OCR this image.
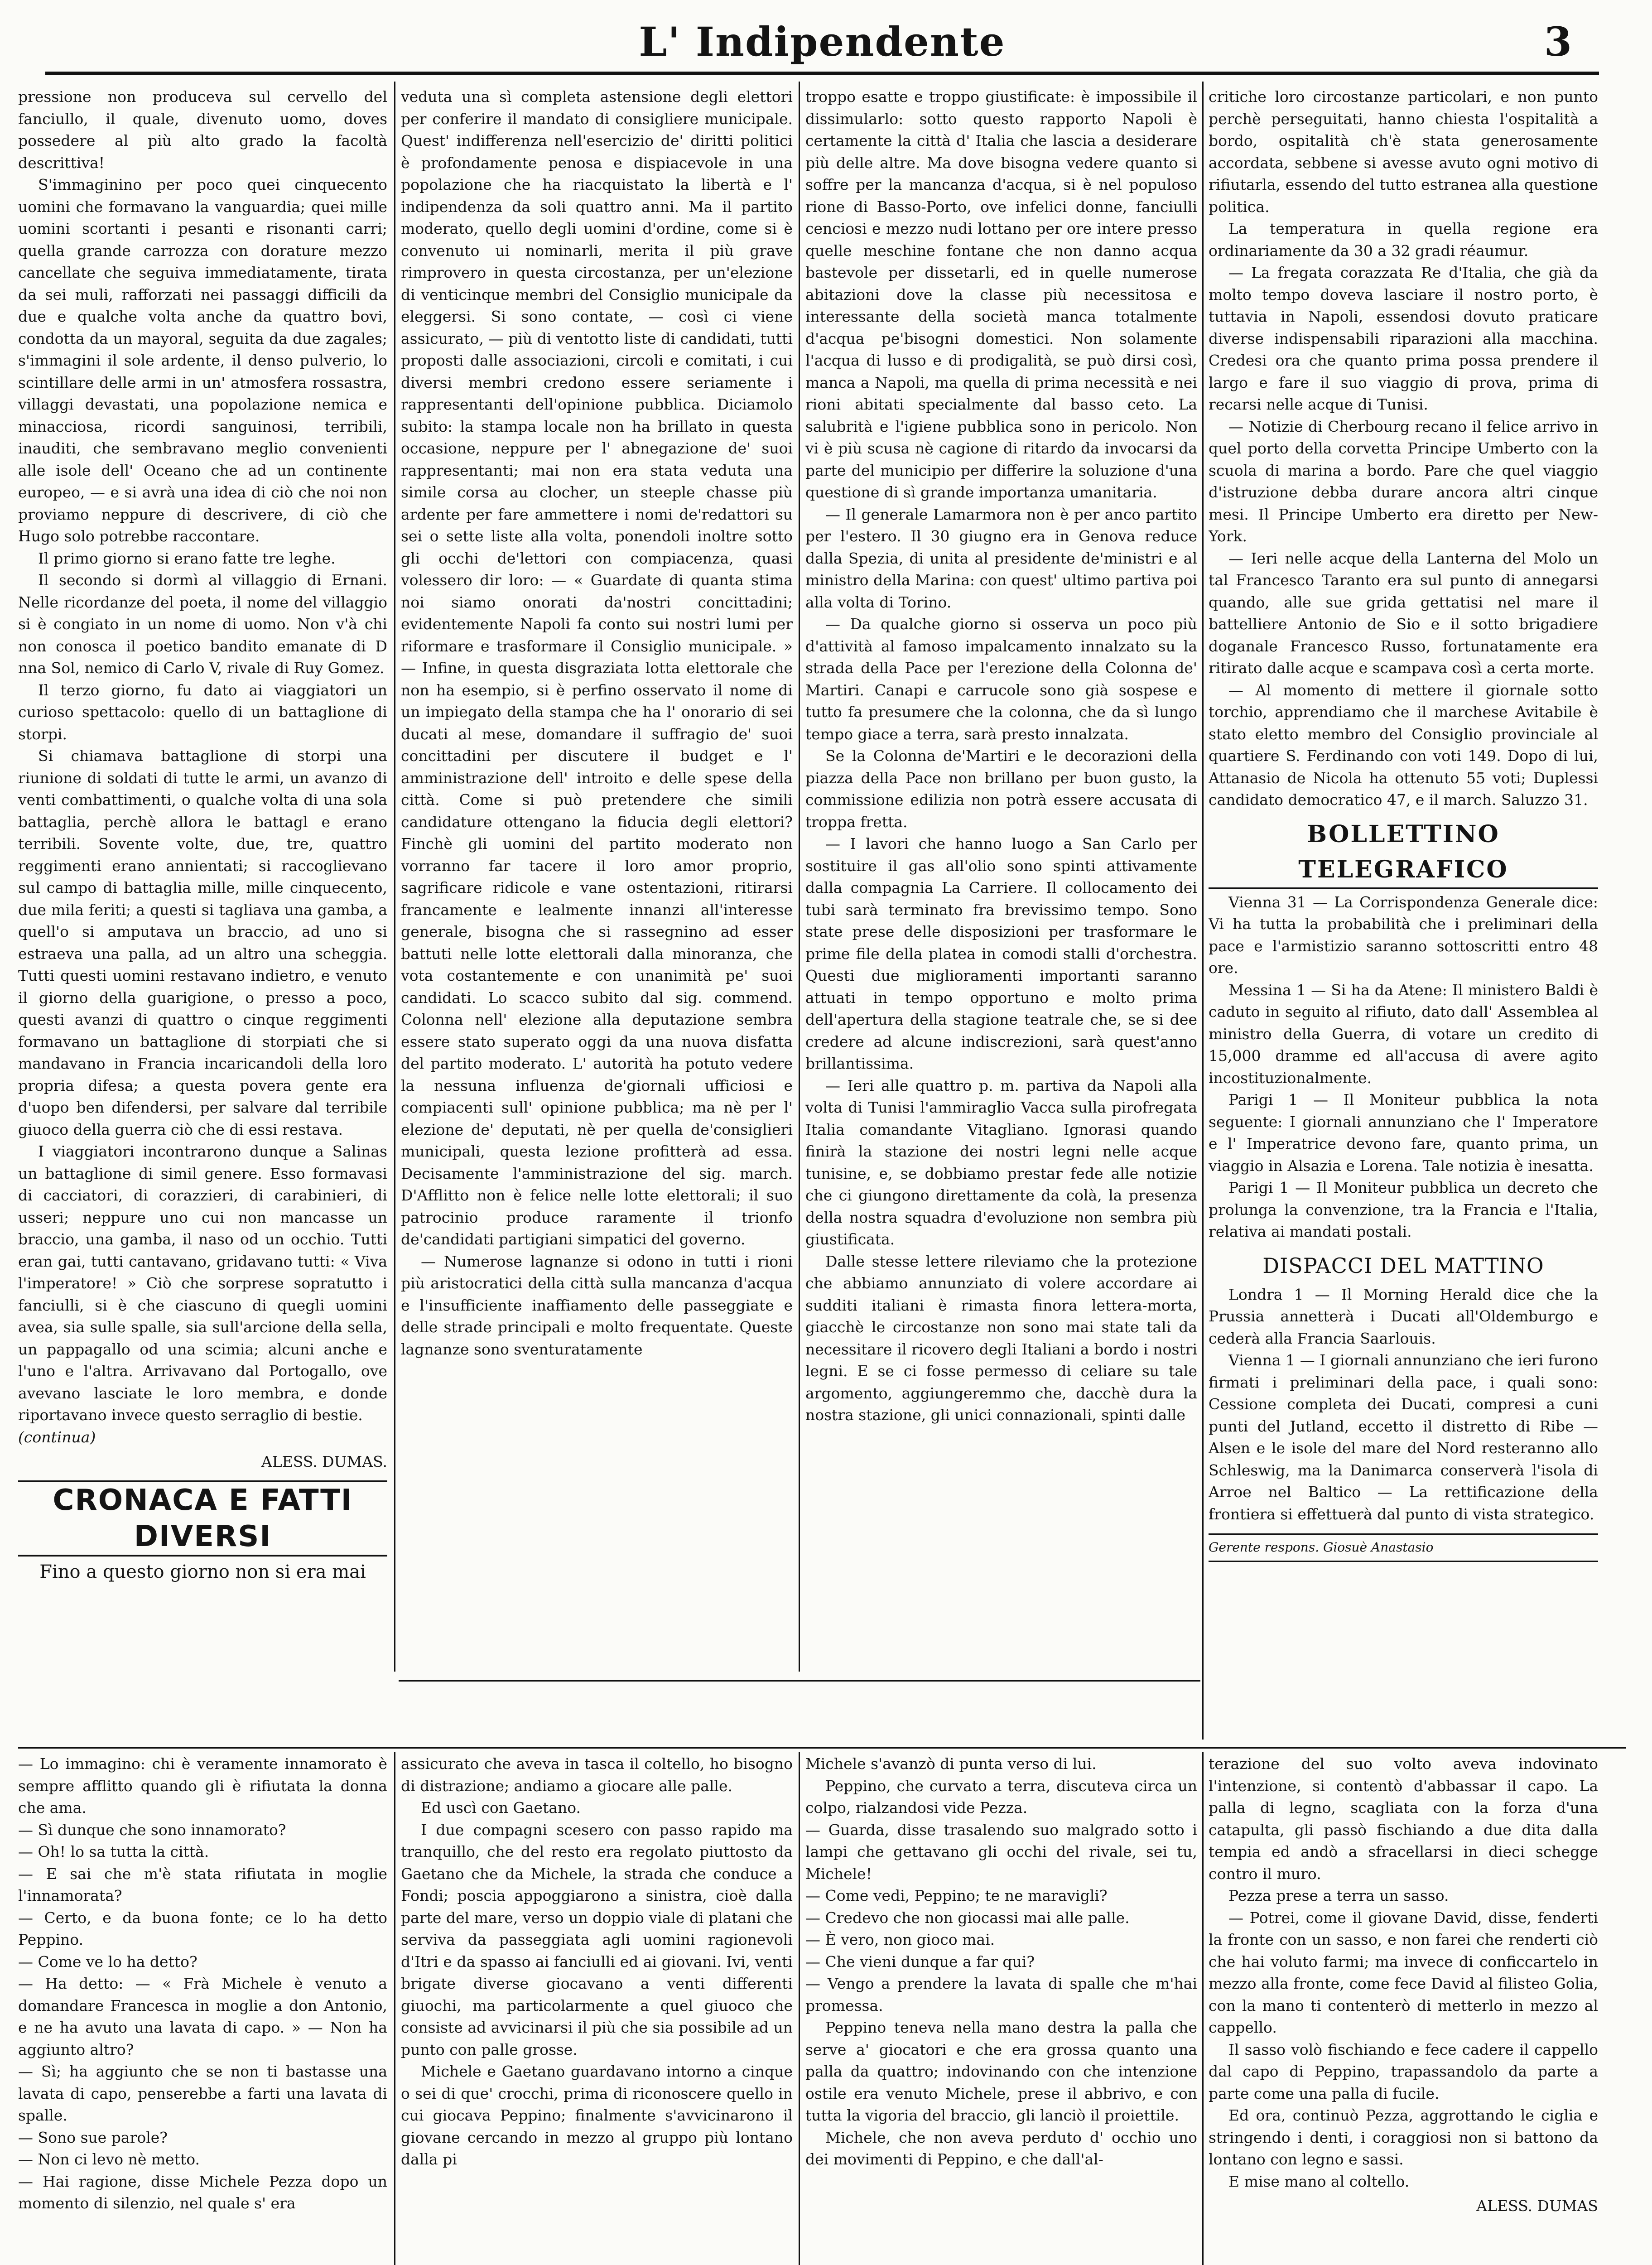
L' Indipendente	3

pressione non produceva sul cervello del fanciullo, il quale, divenuto uomo, doves possedere al più alto grado la facoltà descrittiva!

S'immaginino per poco quei cinquecento uomini che formavano la vanguardia; quei mille uomini scortanti i pesanti e risonanti carri; quella grande carrozza con dorature mezzo cancellate che seguiva immediatamente, tirata da sei muli, rafforzati nei passaggi difficili da due e qualche volta anche da quattro bovi, condotta da un mayoral, seguita da due zagales; s'immagini il sole ardente, il denso pulverio, lo scintillare delle armi in un' atmosfera rossastra, villaggi devastati, una popolazione nemica e minacciosa, ricordi sanguinosi, terribili, inauditi, che sembravano meglio convenienti alle isole dell' Oceano che ad un continente europeo, — e si avrà una idea di ciò che noi non proviamo neppure di descrivere, di ciò che Hugo solo potrebbe raccontare.

Il primo giorno si erano fatte tre leghe.

Il secondo si dormì al villaggio di Ernani. Nelle ricordanze del poeta, il nome del villaggio si è congiato in un nome di uomo. Non v'à chi non conosca il poetico bandito emanate di D nna Sol, nemico di Carlo V, rivale di Ruy Gomez.

Il terzo giorno, fu dato ai viaggiatori un curioso spettacolo: quello di un battaglione di storpi.

Si chiamava battaglione di storpi una riunione di soldati di tutte le armi, un avanzo di venti combattimenti, o qualche volta di una sola battaglia, perchè allora le battagl e erano terribili. Sovente volte, due, tre, quattro reggimenti erano annientati; si raccoglievano sul campo di battaglia mille, mille cinquecento, due mila feriti; a questi si tagliava una gamba, a quell'o si amputava un braccio, ad uno si estraeva una palla, ad un altro una scheggia. Tutti questi uomini restavano indietro, e venuto il giorno della guarigione, o presso a poco, questi avanzi di quattro o cinque reggimenti formavano un battaglione di storpiati che si mandavano in Francia incaricandoli della loro propria difesa; a questa povera gente era d'uopo ben difendersi, per salvare dal terribile giuoco della guerra ciò che di essi restava.

I viaggiatori incontrarono dunque a Salinas un battaglione di simil genere. Esso formavasi di cacciatori, di corazzieri, di carabinieri, di usseri; neppure uno cui non mancasse un braccio, una gamba, il naso od un occhio. Tutti eran gai, tutti cantavano, gridavano tutti: « Viva l'imperatore! » Ciò che sorprese sopratutto i fanciulli, si è che ciascuno di quegli uomini avea, sia sulle spalle, sia sull'arcione della sella, un pappagallo od una scimia; alcuni anche e l'uno e l'altra. Arrivavano dal Portogallo, ove avevano lasciate le loro membra, e donde riportavano invece questo serraglio di bestie.

(continua)

ALESS. DUMAS.

CRONACA E FATTI DIVERSI

Fino a questo giorno non si era mai

veduta una sì completa astensione degli elettori per conferire il mandato di consigliere municipale. Quest' indifferenza nell'esercizio de' diritti politici è profondamente penosa e dispiacevole in una popolazione che ha riacquistato la libertà e l' indipendenza da soli quattro anni. Ma il partito moderato, quello degli uomini d'ordine, come si è convenuto ui nominarli, merita il più grave rimprovero in questa circostanza, per un'elezione di venticinque membri del Consiglio municipale da eleggersi. Si sono contate, — così ci viene assicurato, — più di ventotto liste di candidati, tutti proposti dalle associazioni, circoli e comitati, i cui diversi membri credono essere seriamente i rappresentanti dell'opinione pubblica. Diciamolo subito: la stampa locale non ha brillato in questa occasione, neppure per l' abnegazione de' suoi rappresentanti; mai non era stata veduta una simile corsa au clocher, un steeple chasse più ardente per fare ammettere i nomi de'redattori su sei o sette liste alla volta, ponendoli inoltre sotto gli occhi de'lettori con compiacenza, quasi volessero dir loro: — « Guardate di quanta stima noi siamo onorati da'nostri concittadini; evidentemente Napoli fa conto sui nostri lumi per riformare e trasformare il Consiglio municipale. » — Infine, in questa disgraziata lotta elettorale che non ha esempio, si è perfino osservato il nome di un impiegato della stampa che ha l' onorario di sei ducati al mese, domandare il suffragio de' suoi concittadini per discutere il budget e l' amministrazione dell' introito e delle spese della città. Come si può pretendere che simili candidature ottengano la fiducia degli elettori? Finchè gli uomini del partito moderato non vorranno far tacere il loro amor proprio, sagrificare ridicole e vane ostentazioni, ritirarsi francamente e lealmente innanzi all'interesse generale, bisogna che si rassegnino ad esser battuti nelle lotte elettorali dalla minoranza, che vota costantemente e con unanimità pe' suoi candidati. Lo scacco subito dal sig. commend. Colonna nell' elezione alla deputazione sembra essere stato superato oggi da una nuova disfatta del partito moderato. L' autorità ha potuto vedere la nessuna influenza de'giornali ufficiosi e compiacenti sull' opinione pubblica; ma nè per l' elezione de' deputati, nè per quella de'consiglieri municipali, questa lezione profitterà ad essa. Decisamente l'amministrazione del sig. march. D'Afflitto non è felice nelle lotte elettorali; il suo patrocinio produce raramente il trionfo de'candidati partigiani simpatici del governo.

— Numerose lagnanze si odono in tutti i rioni più aristocratici della città sulla mancanza d'acqua e l'insufficiente inaffiamento delle passeggiate e delle strade principali e molto frequentate. Queste lagnanze sono sventuratamente

troppo esatte e troppo giustificate: è impossibile il dissimularlo: sotto questo rapporto Napoli è certamente la città d' Italia che lascia a desiderare più delle altre. Ma dove bisogna vedere quanto si soffre per la mancanza d'acqua, si è nel populoso rione di Basso-Porto, ove infelici donne, fanciulli cenciosi e mezzo nudi lottano per ore intere presso quelle meschine fontane che non danno acqua bastevole per dissetarli, ed in quelle numerose abitazioni dove la classe più necessitosa e interessante della società manca totalmente d'acqua pe'bisogni domestici. Non solamente l'acqua di lusso e di prodigalità, se può dirsi così, manca a Napoli, ma quella di prima necessità e nei rioni abitati specialmente dal basso ceto. La salubrità e l'igiene pubblica sono in pericolo. Non vi è più scusa nè cagione di ritardo da invocarsi da parte del municipio per differire la soluzione d'una questione di sì grande importanza umanitaria.

— Il generale Lamarmora non è per anco partito per l'estero. Il 30 giugno era in Genova reduce dalla Spezia, di unita al presidente de'ministri e al ministro della Marina: con quest' ultimo partiva poi alla volta di Torino.

— Da qualche giorno si osserva un poco più d'attività al famoso impalcamento innalzato su la strada della Pace per l'erezione della Colonna de' Martiri. Canapi e carrucole sono già sospese e tutto fa presumere che la colonna, che da sì lungo tempo giace a terra, sarà presto innalzata.

Se la Colonna de'Martiri e le decorazioni della piazza della Pace non brillano per buon gusto, la commissione edilizia non potrà essere accusata di troppa fretta.

— I lavori che hanno luogo a San Carlo per sostituire il gas all'olio sono spinti attivamente dalla compagnia La Carriere. Il collocamento dei tubi sarà terminato fra brevissimo tempo. Sono state prese delle disposizioni per trasformare le prime file della platea in comodi stalli d'orchestra. Questi due miglioramenti importanti saranno attuati in tempo opportuno e molto prima dell'apertura della stagione teatrale che, se si dee credere ad alcune indiscrezioni, sarà quest'anno brillantissima.

— Ieri alle quattro p. m. partiva da Napoli alla volta di Tunisi l'ammiraglio Vacca sulla pirofregata Italia comandante Vitagliano. Ignorasi quando finirà la stazione dei nostri legni nelle acque tunisine, e, se dobbiamo prestar fede alle notizie che ci giungono direttamente da colà, la presenza della nostra squadra d'evoluzione non sembra più giustificata.

Dalle stesse lettere rileviamo che la protezione che abbiamo annunziato di volere accordare ai sudditi italiani è rimasta finora lettera-morta, giacchè le circostanze non sono mai state tali da necessitare il ricovero degli Italiani a bordo i nostri legni. E se ci fosse permesso di celiare su tale argomento, aggiungeremmo che, dacchè dura la nostra stazione, gli unici connazionali, spinti dalle

critiche loro circostanze particolari, e non punto perchè perseguitati, hanno chiesta l'ospitalità a bordo, ospitalità ch'è stata generosamente accordata, sebbene si avesse avuto ogni motivo di rifiutarla, essendo del tutto estranea alla questione politica.

La temperatura in quella regione era ordinariamente da 30 a 32 gradi réaumur.

— La fregata corazzata Re d'Italia, che già da molto tempo doveva lasciare il nostro porto, è tuttavia in Napoli, essendosi dovuto praticare diverse indispensabili riparazioni alla macchina. Credesi ora che quanto prima possa prendere il largo e fare il suo viaggio di prova, prima di recarsi nelle acque di Tunisi.

— Notizie di Cherbourg recano il felice arrivo in quel porto della corvetta Principe Umberto con la scuola di marina a bordo. Pare che quel viaggio d'istruzione debba durare ancora altri cinque mesi. Il Principe Umberto era diretto per New-York.

— Ieri nelle acque della Lanterna del Molo un tal Francesco Taranto era sul punto di annegarsi quando, alle sue grida gettatisi nel mare il battelliere Antonio de Sio e il sotto brigadiere doganale Francesco Russo, fortunatamente era ritirato dalle acque e scampava così a certa morte.

— Al momento di mettere il giornale sotto torchio, apprendiamo che il marchese Avitabile è stato eletto membro del Consiglio provinciale al quartiere S. Ferdinando con voti 149. Dopo di lui, Attanasio de Nicola ha ottenuto 55 voti; Duplessi candidato democratico 47, e il march. Saluzzo 31.

BOLLETTINO TELEGRAFICO

Vienna 31 — La Corrispondenza Generale dice: Vi ha tutta la probabilità che i preliminari della pace e l'armistizio saranno sottoscritti entro 48 ore.

Messina 1 — Si ha da Atene: Il ministero Baldi è caduto in seguito al rifiuto, dato dall' Assemblea al ministro della Guerra, di votare un credito di 15,000 dramme ed all'accusa di avere agito incostituzionalmente.

Parigi 1 — Il Moniteur pubblica la nota seguente: I giornali annunziano che l' Imperatore e l' Imperatrice devono fare, quanto prima, un viaggio in Alsazia e Lorena. Tale notizia è inesatta.

Parigi 1 — Il Moniteur pubblica un decreto che prolunga la convenzione, tra la Francia e l'Italia, relativa ai mandati postali.

DISPACCI DEL MATTINO

Londra 1 — Il Morning Herald dice che la Prussia annetterà i Ducati all'Oldemburgo e cederà alla Francia Saarlouis.

Vienna 1 — I giornali annunziano che ieri furono firmati i preliminari della pace, i quali sono: Cessione completa dei Ducati, compresi a cuni punti del Jutland, eccetto il distretto di Ribe — Alsen e le isole del mare del Nord resteranno allo Schleswig, ma la Danimarca conserverà l'isola di Arroe nel Baltico — La rettificazione della frontiera si effettuerà dal punto di vista strategico.

Gerente respons. Giosuè Anastasio

— Lo immagino: chi è veramente innamorato è sempre afflitto quando gli è rifiutata la donna che ama.

— Sì dunque che sono innamorato?

— Oh! lo sa tutta la città.

— E sai che m'è stata rifiutata in moglie l'innamorata?

— Certo, e da buona fonte; ce lo ha detto Peppino.

— Come ve lo ha detto?

— Ha detto: — « Frà Michele è venuto a domandare Francesca in moglie a don Antonio, e ne ha avuto una lavata di capo. » — Non ha aggiunto altro?

— Sì; ha aggiunto che se non ti bastasse una lavata di capo, penserebbe a farti una lavata di spalle.

— Sono sue parole?

— Non ci levo nè metto.

— Hai ragione, disse Michele Pezza dopo un momento di silenzio, nel quale s' era

assicurato che aveva in tasca il coltello, ho bisogno di distrazione; andiamo a giocare alle palle.

Ed uscì con Gaetano.

I due compagni scesero con passo rapido ma tranquillo, che del resto era regolato piuttosto da Gaetano che da Michele, la strada che conduce a Fondi; poscia appoggiarono a sinistra, cioè dalla parte del mare, verso un doppio viale di platani che serviva da passeggiata agli uomini ragionevoli d'Itri e da spasso ai fanciulli ed ai giovani. Ivi, venti brigate diverse giocavano a venti differenti giuochi, ma particolarmente a quel giuoco che consiste ad avvicinarsi il più che sia possibile ad un punto con palle grosse.

Michele e Gaetano guardavano intorno a cinque o sei di que' crocchi, prima di riconoscere quello in cui giocava Peppino; finalmente s'avvicinarono il giovane cercando in mezzo al gruppo più lontano dalla pi

Michele s'avanzò di punta verso di lui.

Peppino, che curvato a terra, discuteva circa un colpo, rialzandosi vide Pezza.

— Guarda, disse trasalendo suo malgrado sotto i lampi che gettavano gli occhi del rivale, sei tu, Michele!

— Come vedi, Peppino; te ne maravigli?

— Credevo che non giocassi mai alle palle.

— È vero, non gioco mai.

— Che vieni dunque a far qui?

— Vengo a prendere la lavata di spalle che m'hai promessa.

Peppino teneva nella mano destra la palla che serve a' giocatori e che era grossa quanto una palla da quattro; indovinando con che intenzione ostile era venuto Michele, prese il abbrivo, e con tutta la vigoria del braccio, gli lanciò il proiettile.

Michele, che non aveva perduto d' occhio uno dei movimenti di Peppino, e che dall'al-

terazione del suo volto aveva indovinato l'intenzione, si contentò d'abbassar il capo. La palla di legno, scagliata con la forza d'una catapulta, gli passò fischiando a due dita dalla tempia ed andò a sfracellarsi in dieci schegge contro il muro.

Pezza prese a terra un sasso.

— Potrei, come il giovane David, disse, fenderti la fronte con un sasso, e non farei che renderti ciò che hai voluto farmi; ma invece di conficcartelo in mezzo alla fronte, come fece David al filisteo Golia, con la mano ti contenterò di metterlo in mezzo al cappello.

Il sasso volò fischiando e fece cadere il cappello dal capo di Peppino, trapassandolo da parte a parte come una palla di fucile.

Ed ora, continuò Pezza, aggrottando le ciglia e stringendo i denti, i coraggiosi non si battono da lontano con legno e sassi.

E mise mano al coltello.

ALESS. DUMAS
